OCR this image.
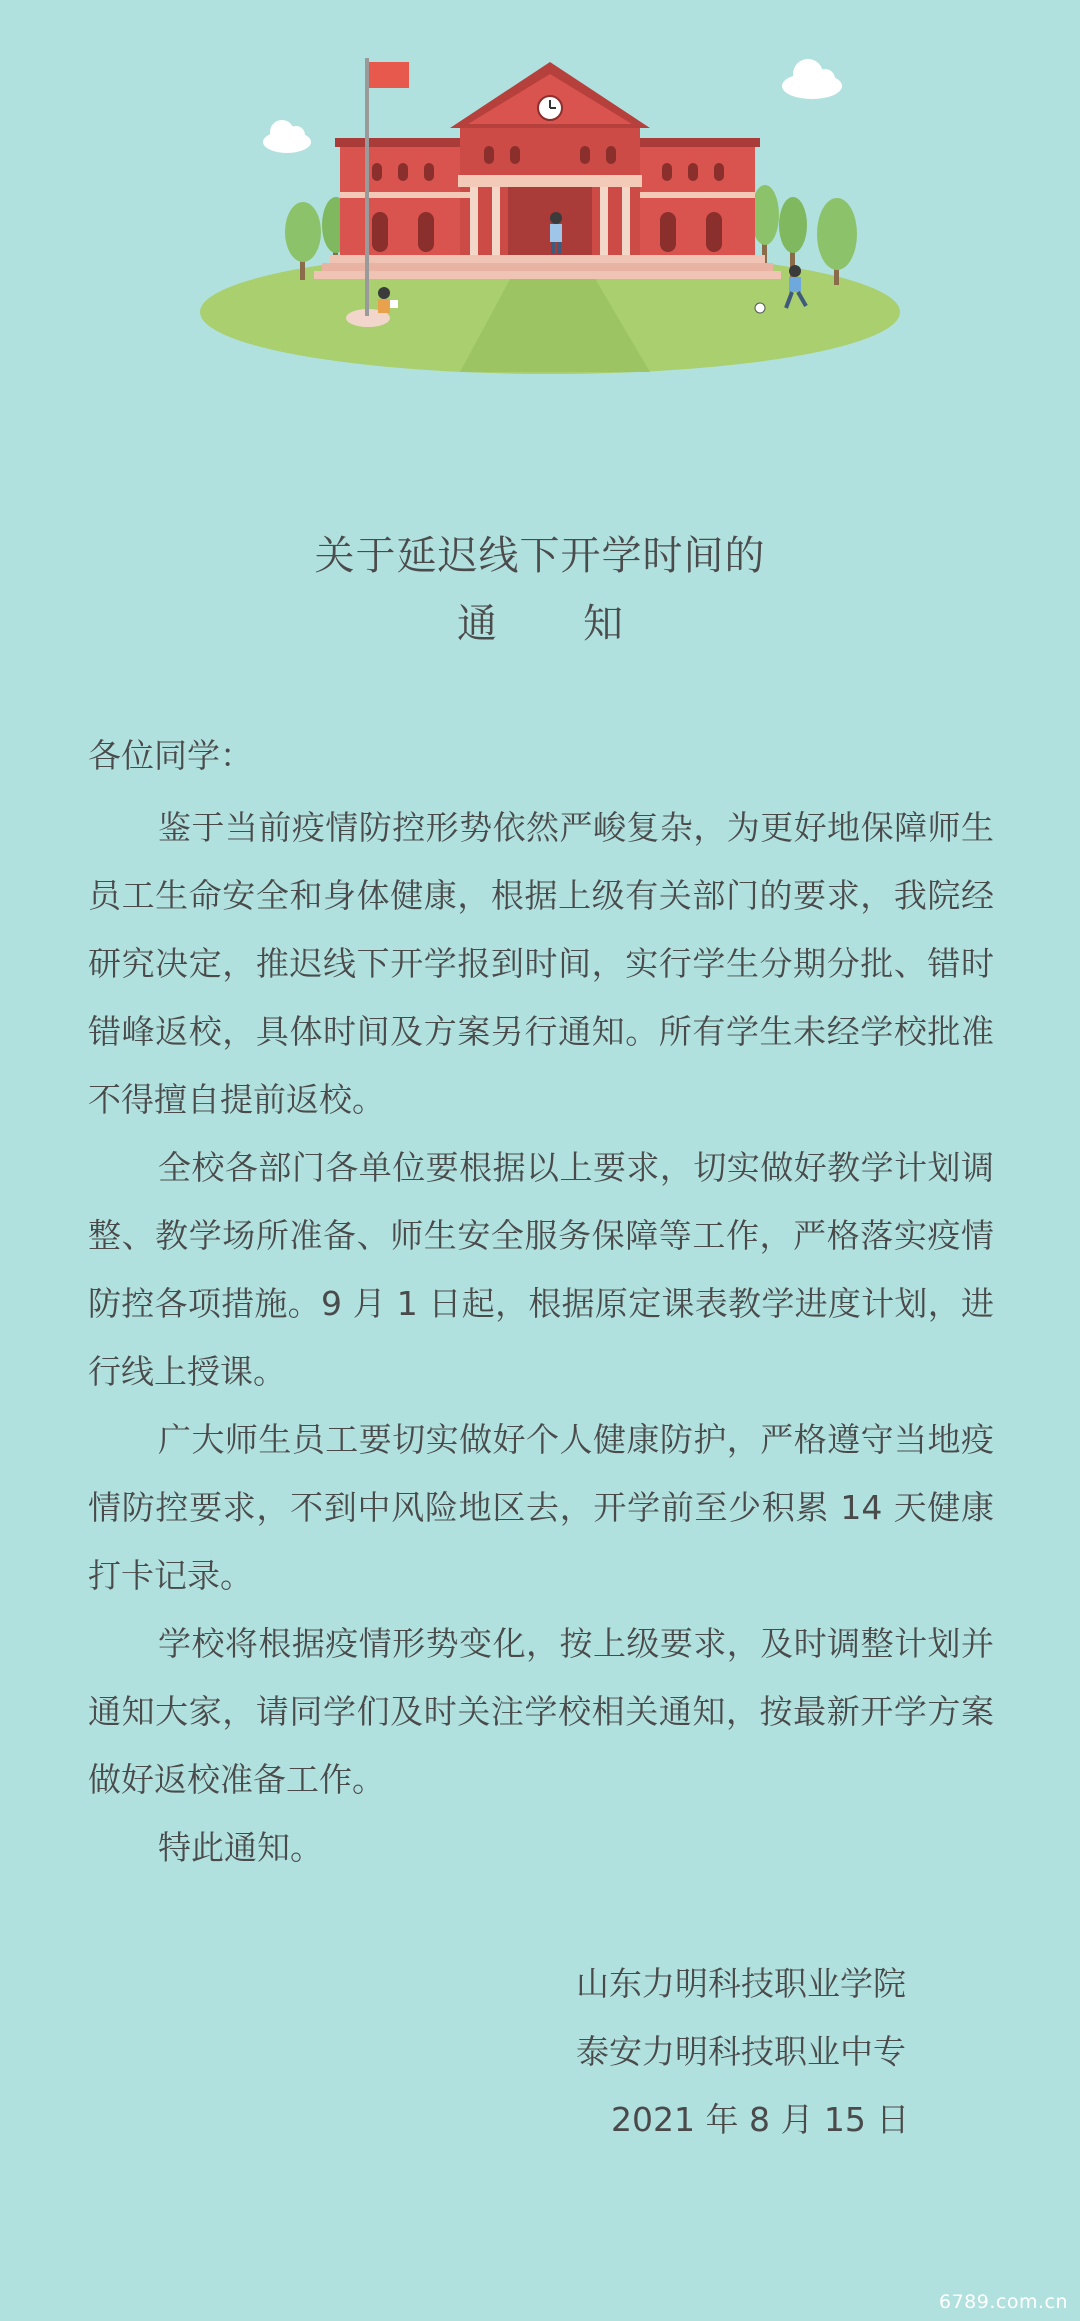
关于延迟线下开学时间的
通 知
各位同学：

鉴于当前疫情防控形势依然严峻复杂，为更好地保障师生员工生命安全和身体健康，根据上级有关部门的要求，我院经研究决定，推迟线下开学报到时间，实行学生分期分批、错时错峰返校，具体时间及方案另行通知。所有学生未经学校批准不得擅自提前返校。

全校各部门各单位要根据以上要求，切实做好教学计划调整、教学场所准备、师生安全服务保障等工作，严格落实疫情防控各项措施。9 月 1 日起，根据原定课表教学进度计划，进行线上授课。

广大师生员工要切实做好个人健康防护，严格遵守当地疫情防控要求，不到中风险地区去，开学前至少积累 14 天健康打卡记录。

学校将根据疫情形势变化，按上级要求，及时调整计划并通知大家，请同学们及时关注学校相关通知，按最新开学方案做好返校准备工作。

特此通知。

山东力明科技职业学院
泰安力明科技职业中专
2021 年 8 月 15 日
6789.com.cn
